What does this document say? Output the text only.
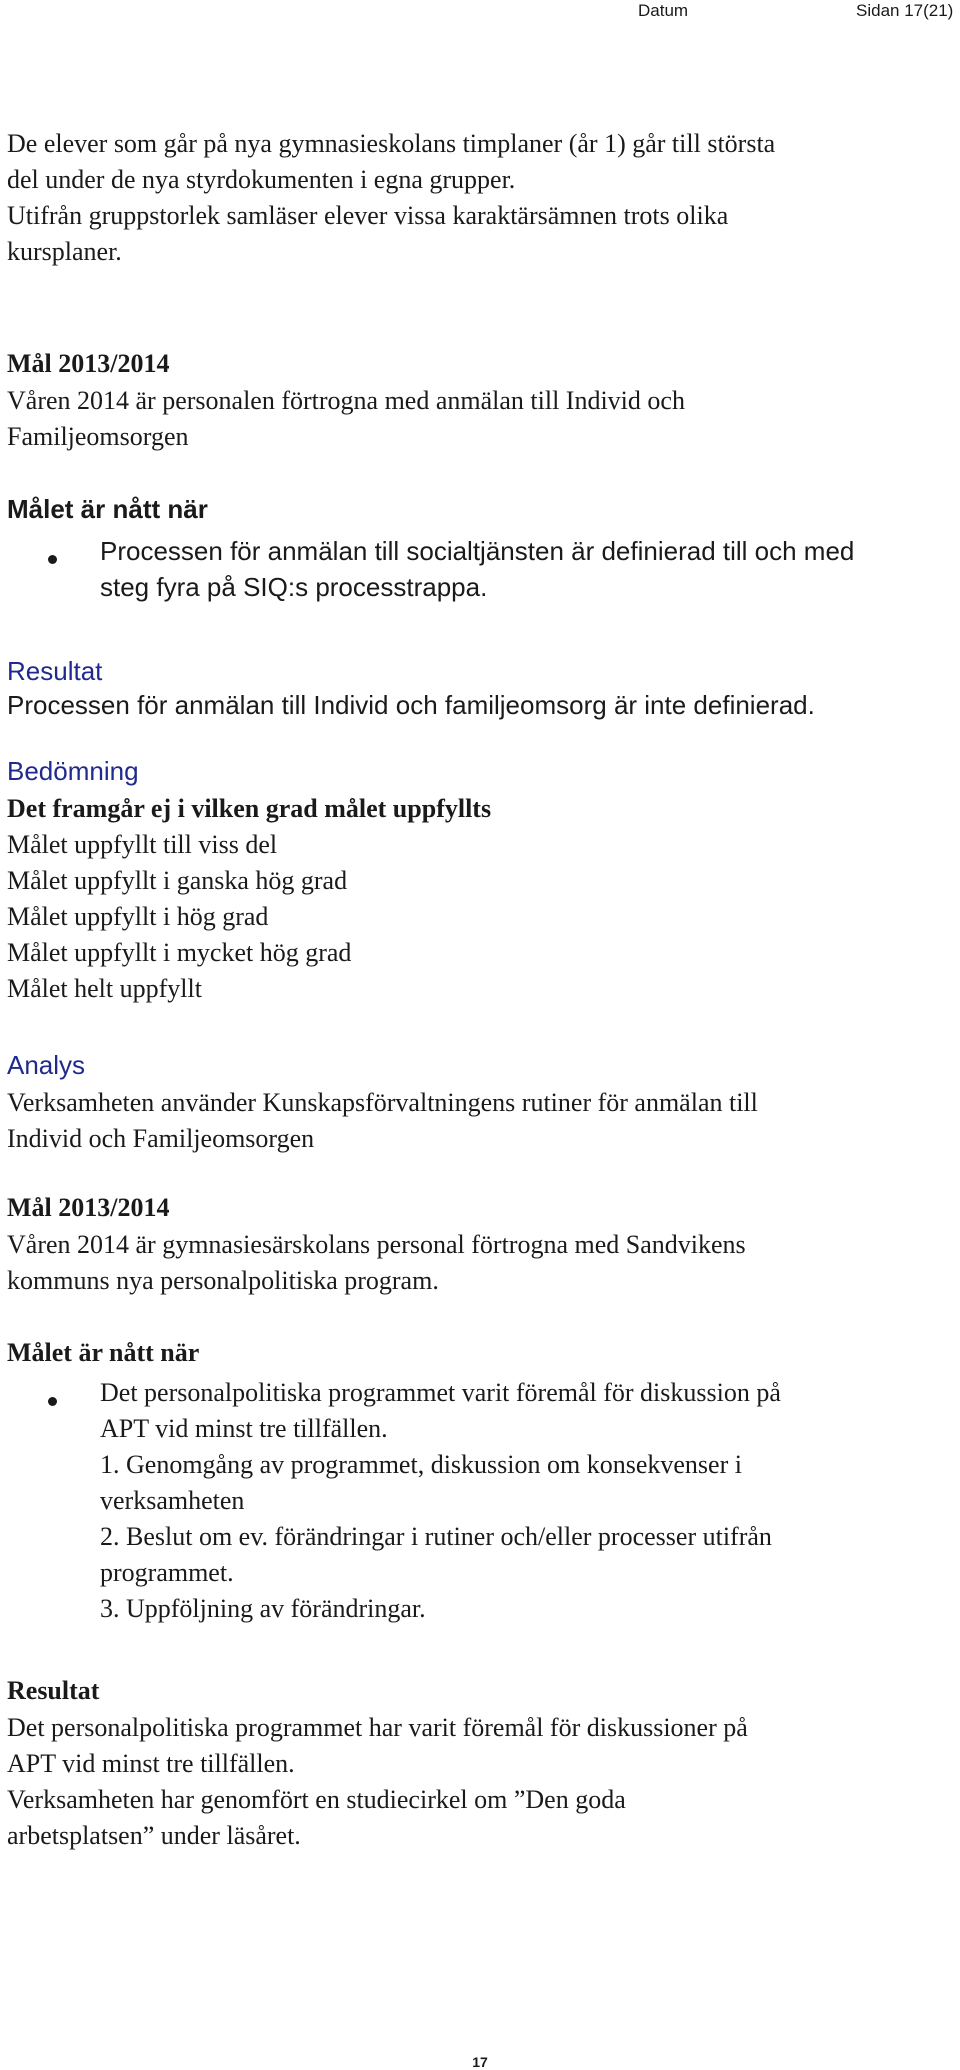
Datum	Sidan 17(21)
De elever som går på nya gymnasieskolans timplaner (år 1) går till största
del under de nya styrdokumenten i egna grupper.
Utifrån gruppstorlek samläser elever vissa karaktärsämnen trots olika
kursplaner.
Mål 2013/2014
Våren 2014 är personalen förtrogna med anmälan till Individ och
Familjeomsorgen
Målet är nått när
Processen för anmälan till socialtjänsten är definierad till och med
steg fyra på SIQ:s processtrappa.
Resultat
Processen för anmälan till Individ och familjeomsorg är inte definierad.
Bedömning
Det framgår ej i vilken grad målet uppfyllts
Målet uppfyllt till viss del
Målet uppfyllt i ganska hög grad
Målet uppfyllt i hög grad
Målet uppfyllt i mycket hög grad
Målet helt uppfyllt
Analys
Verksamheten använder Kunskapsförvaltningens rutiner för anmälan till
Individ och Familjeomsorgen
Mål 2013/2014
Våren 2014 är gymnasiesärskolans personal förtrogna med Sandvikens
kommuns nya personalpolitiska program.
Målet är nått när
Det personalpolitiska programmet varit föremål för diskussion på
APT vid minst tre tillfällen.
1. Genomgång av programmet, diskussion om konsekvenser i
verksamheten
2. Beslut om ev. förändringar i rutiner och/eller processer utifrån
programmet.
3. Uppföljning av förändringar.
Resultat
Det personalpolitiska programmet har varit föremål för diskussioner på
APT vid minst tre tillfällen.
Verksamheten har genomfört en studiecirkel om ”Den goda
arbetsplatsen” under läsåret.
17
